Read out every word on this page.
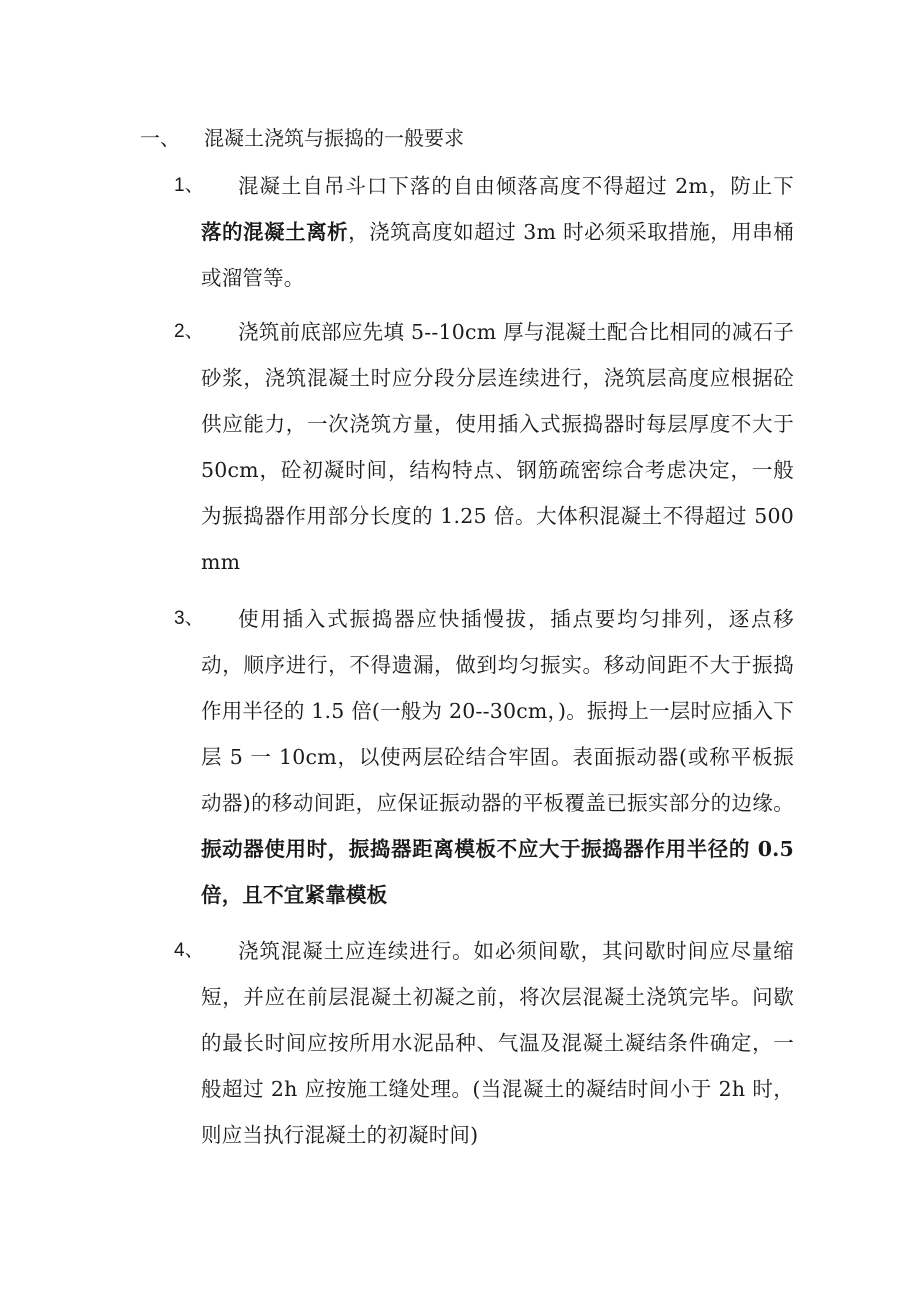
一、 混凝土浇筑与振捣的一般要求
1、	混凝土自吊斗口下落的自由倾落高度不得超过 2m，防止下落的混凝土离析，浇筑高度如超过 3m 时必须采取措施，用串桶或溜管等。
2、	浇筑前底部应先填 5--10cm 厚与混凝土配合比相同的减石子砂浆，浇筑混凝土时应分段分层连续进行，浇筑层高度应根据砼供应能力，一次浇筑方量，使用插入式振捣器时每层厚度不大于 50cm，砼初凝时间，结构特点、钢筋疏密综合考虑决定，一般为振捣器作用部分长度的 1.25 倍。大体积混凝土不得超过 500mm
3、	使用插入式振捣器应快插慢拔，插点要均匀排列，逐点移动，顺序进行，不得遗漏，做到均匀振实。移动间距不大于振捣作用半径的 1.5 倍(一般为 20--30cm，)。振拇上一层时应插入下层 5 一 10cm，以使两层砼结合牢固。表面振动器(或称平板振动器)的移动间距，应保证振动器的平板覆盖已振实部分的边缘。振动器使用时，振捣器距离模板不应大于振捣器作用半径的 0.5 倍，且不宜紧靠模板
4、	浇筑混凝土应连续进行。如必须间歇，其问歇时间应尽量缩短，并应在前层混凝土初凝之前，将次层混凝土浇筑完毕。问歇的最长时间应按所用水泥品种、气温及混凝土凝结条件确定，一般超过 2h 应按施工缝处理。(当混凝土的凝结时间小于 2h 时，则应当执行混凝土的初凝时间)
